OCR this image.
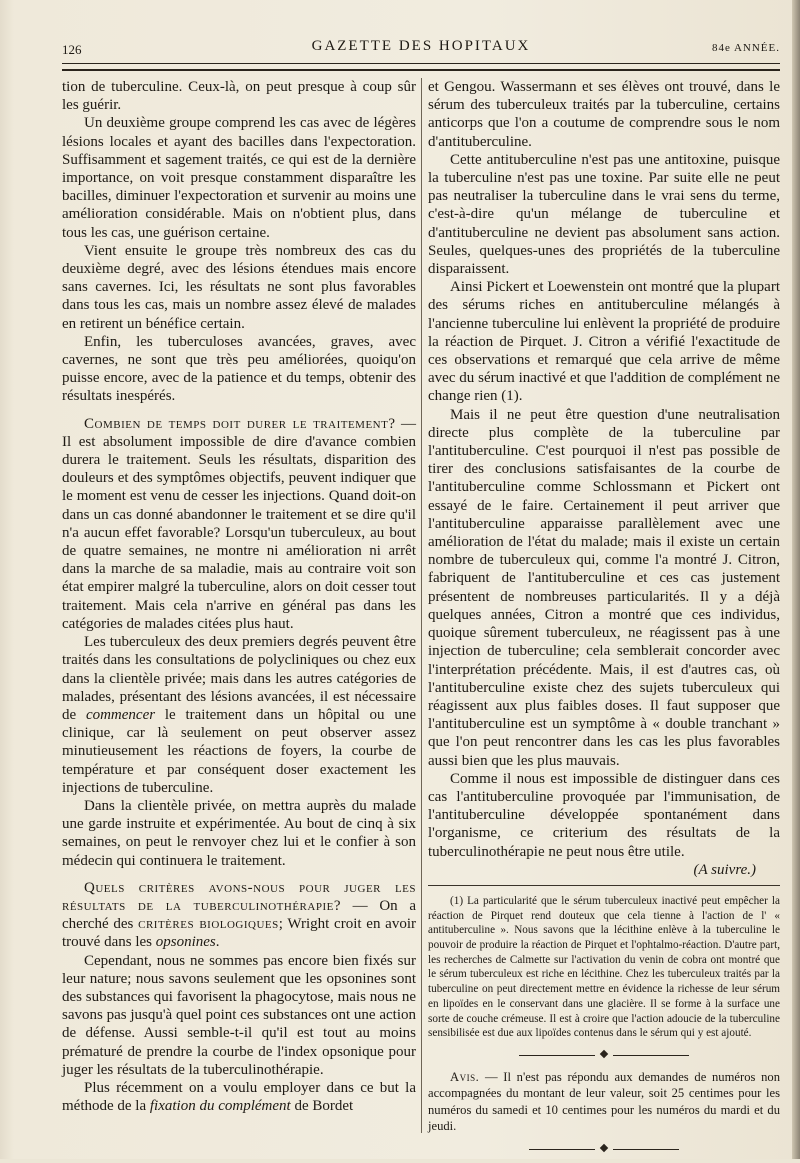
126	GAZETTE DES HOPITAUX	84e ANNÉE.

tion de tuberculine. Ceux-là, on peut presque à coup sûr les guérir.

Un deuxième groupe comprend les cas avec de légères lésions locales et ayant des bacilles dans l'expectoration. Suffisamment et sagement traités, ce qui est de la dernière importance, on voit presque constamment disparaître les bacilles, diminuer l'expectoration et survenir au moins une amélioration considérable. Mais on n'obtient plus, dans tous les cas, une guérison certaine.

Vient ensuite le groupe très nombreux des cas du deuxième degré, avec des lésions étendues mais encore sans cavernes. Ici, les résultats ne sont plus favorables dans tous les cas, mais un nombre assez élevé de malades en retirent un bénéfice certain.

Enfin, les tuberculoses avancées, graves, avec cavernes, ne sont que très peu améliorées, quoiqu'on puisse encore, avec de la patience et du temps, obtenir des résultats inespérés.

Combien de temps doit durer le traitement? — Il est absolument impossible de dire d'avance combien durera le traitement. Seuls les résultats, disparition des douleurs et des symptômes objectifs, peuvent indiquer que le moment est venu de cesser les injections. Quand doit-on dans un cas donné abandonner le traitement et se dire qu'il n'a aucun effet favorable? Lorsqu'un tuberculeux, au bout de quatre semaines, ne montre ni amélioration ni arrêt dans la marche de sa maladie, mais au contraire voit son état empirer malgré la tuberculine, alors on doit cesser tout traitement. Mais cela n'arrive en général pas dans les catégories de malades citées plus haut.

Les tuberculeux des deux premiers degrés peuvent être traités dans les consultations de polycliniques ou chez eux dans la clientèle privée; mais dans les autres catégories de malades, présentant des lésions avancées, il est nécessaire de commencer le traitement dans un hôpital ou une clinique, car là seulement on peut observer assez minutieusement les réactions de foyers, la courbe de température et par conséquent doser exactement les injections de tuberculine.

Dans la clientèle privée, on mettra auprès du malade une garde instruite et expérimentée. Au bout de cinq à six semaines, on peut le renvoyer chez lui et le confier à son médecin qui continuera le traitement.

Quels critères avons-nous pour juger les résultats de la tuberculinothérapie? — On a cherché des critères biologiques; Wright croit en avoir trouvé dans les opsonines.

Cependant, nous ne sommes pas encore bien fixés sur leur nature; nous savons seulement que les opsonines sont des substances qui favorisent la phagocytose, mais nous ne savons pas jusqu'à quel point ces substances ont une action de défense. Aussi semble-t-il qu'il est tout au moins prématuré de prendre la courbe de l'index opsonique pour juger les résultats de la tuberculinothérapie.

Plus récemment on a voulu employer dans ce but la méthode de la fixation du complément de Bordet

et Gengou. Wassermann et ses élèves ont trouvé, dans le sérum des tuberculeux traités par la tuberculine, certains anticorps que l'on a coutume de comprendre sous le nom d'antituberculine.

Cette antituberculine n'est pas une antitoxine, puisque la tuberculine n'est pas une toxine. Par suite elle ne peut pas neutraliser la tuberculine dans le vrai sens du terme, c'est-à-dire qu'un mélange de tuberculine et d'antituberculine ne devient pas absolument sans action. Seules, quelques-unes des propriétés de la tuberculine disparaissent.

Ainsi Pickert et Loewenstein ont montré que la plupart des sérums riches en antituberculine mélangés à l'ancienne tuberculine lui enlèvent la propriété de produire la réaction de Pirquet. J. Citron a vérifié l'exactitude de ces observations et remarqué que cela arrive de même avec du sérum inactivé et que l'addition de complément ne change rien (1).

Mais il ne peut être question d'une neutralisation directe plus complète de la tuberculine par l'antituberculine. C'est pourquoi il n'est pas possible de tirer des conclusions satisfaisantes de la courbe de l'antituberculine comme Schlossmann et Pickert ont essayé de le faire. Certainement il peut arriver que l'antituberculine apparaisse parallèlement avec une amélioration de l'état du malade; mais il existe un certain nombre de tuberculeux qui, comme l'a montré J. Citron, fabriquent de l'antituberculine et ces cas justement présentent de nombreuses particularités. Il y a déjà quelques années, Citron a montré que ces individus, quoique sûrement tuberculeux, ne réagissent pas à une injection de tuberculine; cela semblerait concorder avec l'interprétation précédente. Mais, il est d'autres cas, où l'antituberculine existe chez des sujets tuberculeux qui réagissent aux plus faibles doses. Il faut supposer que l'antituberculine est un symptôme à « double tranchant » que l'on peut rencontrer dans les cas les plus favorables aussi bien que les plus mauvais.

Comme il nous est impossible de distinguer dans ces cas l'antituberculine provoquée par l'immunisation, de l'antituberculine développée spontanément dans l'organisme, ce criterium des résultats de la tuberculinothérapie ne peut nous être utile.

(A suivre.)

(1) La particularité que le sérum tuberculeux inactivé peut empêcher la réaction de Pirquet rend douteux que cela tienne à l'action de l' « antituberculine ». Nous savons que la lécithine enlève à la tuberculine le pouvoir de produire la réaction de Pirquet et l'ophtalmo-réaction. D'autre part, les recherches de Calmette sur l'activation du venin de cobra ont montré que le sérum tuberculeux est riche en lécithine. Chez les tuberculeux traités par la tuberculine on peut directement mettre en évidence la richesse de leur sérum en lipoïdes en le conservant dans une glacière. Il se forme à la surface une sorte de couche crémeuse. Il est à croire que l'action adoucie de la tuberculine sensibilisée est due aux lipoïdes contenus dans le sérum qui y est ajouté.

Avis. — Il n'est pas répondu aux demandes de numéros non accompagnées du montant de leur valeur, soit 25 centimes pour les numéros du samedi et 10 centimes pour les numéros du mardi et du jeudi.
